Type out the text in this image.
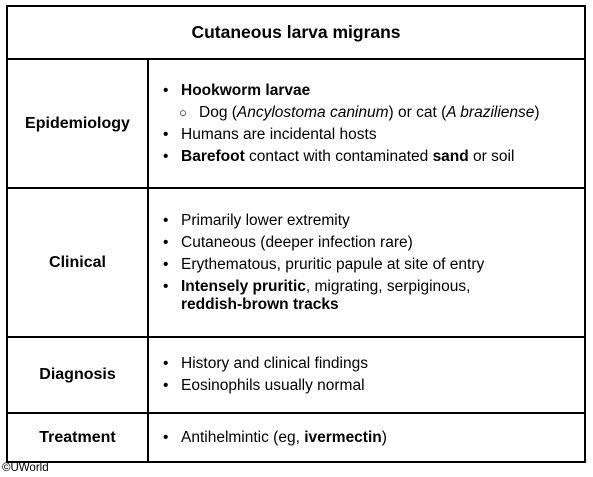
Cutaneous larva migrans
Epidemiology
• Hookworm larvae
○ Dog (Ancylostoma caninum) or cat (A braziliense)
• Humans are incidental hosts
• Barefoot contact with contaminated sand or soil
Clinical
• Primarily lower extremity
• Cutaneous (deeper infection rare)
• Erythematous, pruritic papule at site of entry
• Intensely pruritic, migrating, serpiginous,
reddish-brown tracks
Diagnosis
• History and clinical findings
• Eosinophils usually normal
Treatment
•	Antihelmintic (eg, ivermectin)
©UWorld
